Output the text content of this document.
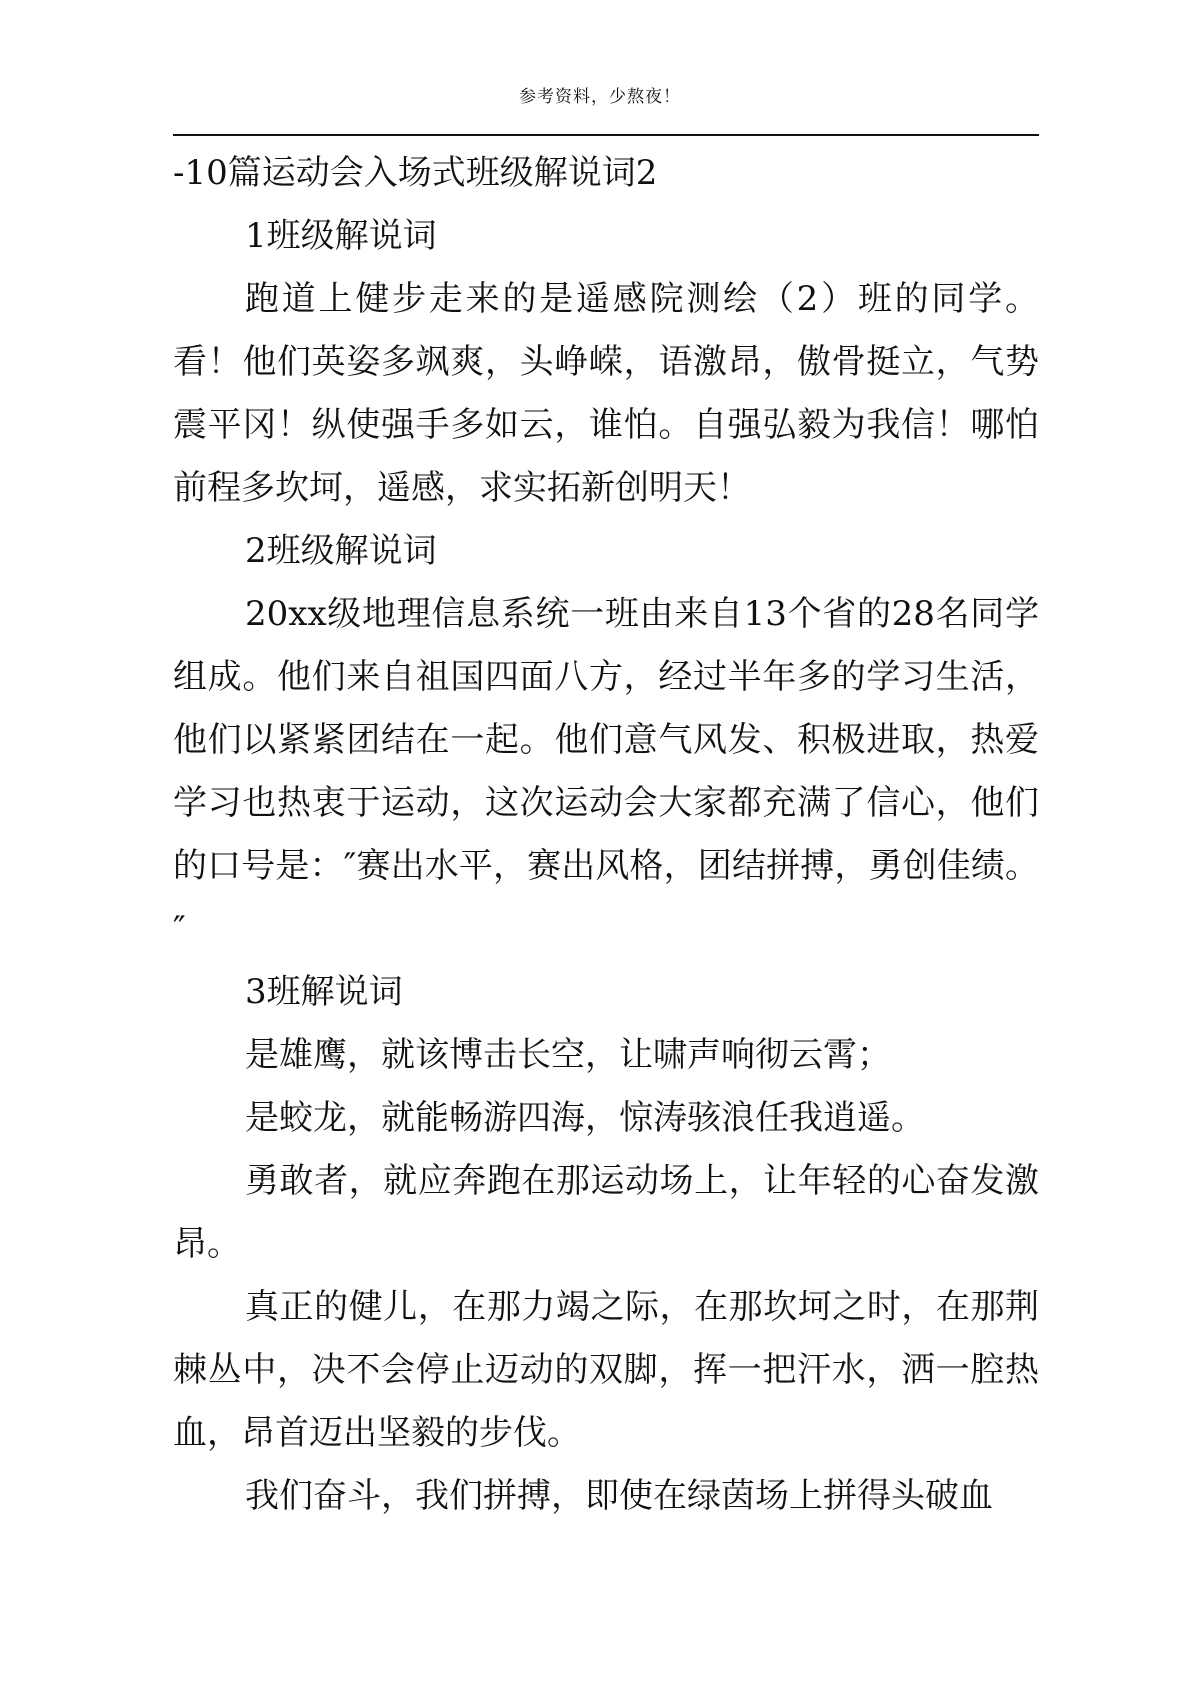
参考资料，少熬夜！
-10篇运动会入场式班级解说词2

1班级解说词

跑道上健步走来的是遥感院测绘（2）班的同学。看！他们英姿多飒爽，头峥嵘，语激昂，傲骨挺立，气势震平冈！纵使强手多如云，谁怕。自强弘毅为我信！哪怕前程多坎坷，遥感，求实拓新创明天！

2班级解说词

20xx级地理信息系统一班由来自13个省的28名同学组成。他们来自祖国四面八方，经过半年多的学习生活，他们以紧紧团结在一起。他们意气风发、积极进取，热爱学习也热衷于运动，这次运动会大家都充满了信心，他们的口号是：″赛出水平，赛出风格，团结拼搏，勇创佳绩。″

3班解说词

是雄鹰，就该博击长空，让啸声响彻云霄；

是蛟龙，就能畅游四海，惊涛骇浪任我逍遥。

勇敢者，就应奔跑在那运动场上，让年轻的心奋发激昂。

真正的健儿，在那力竭之际，在那坎坷之时，在那荆棘丛中，决不会停止迈动的双脚，挥一把汗水，洒一腔热血，昂首迈出坚毅的步伐。

我们奋斗，我们拼搏，即使在绿茵场上拼得头破血
